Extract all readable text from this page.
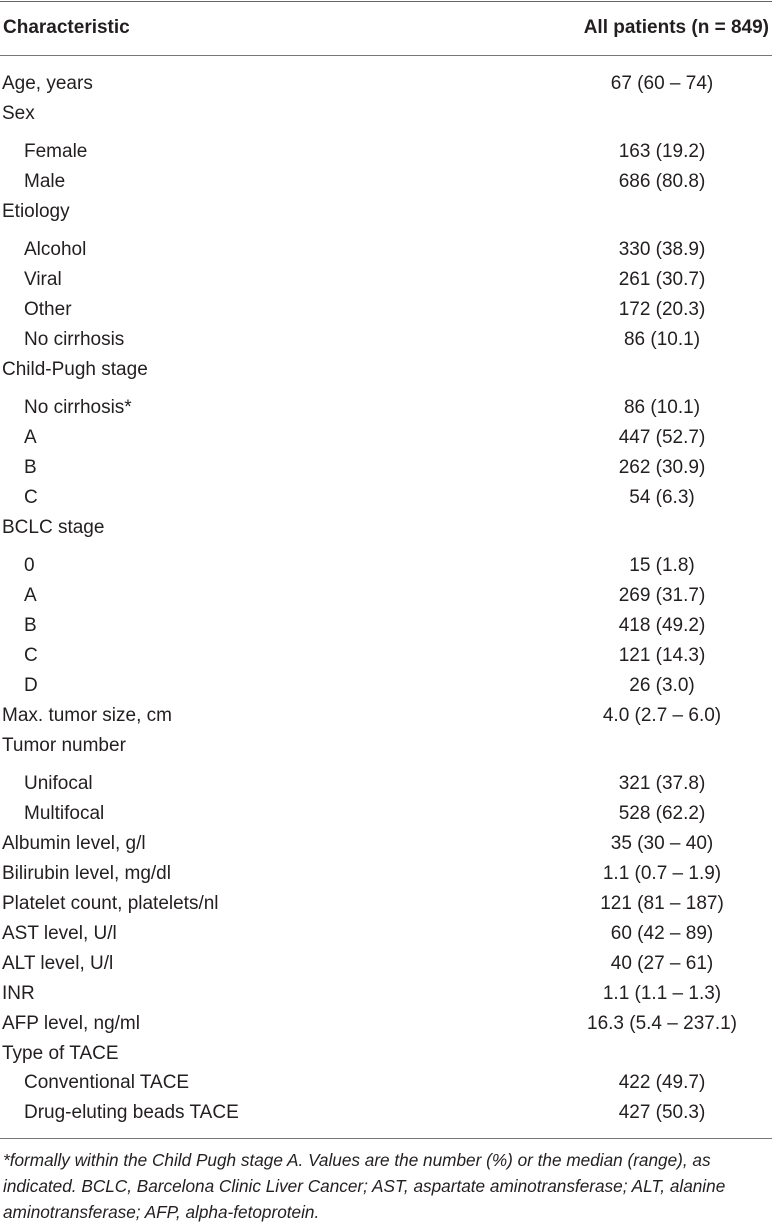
Characteristic	All patients (n = 849)
Age, years	67 (60 – 74)
Sex
Female	163 (19.2)
Male	686 (80.8)
Etiology
Alcohol	330 (38.9)
Viral	261 (30.7)
Other	172 (20.3)
No cirrhosis	86 (10.1)
Child-Pugh stage
No cirrhosis*	86 (10.1)
A	447 (52.7)
B	262 (30.9)
C	54 (6.3)
BCLC stage
0	15 (1.8)
A	269 (31.7)
B	418 (49.2)
C	121 (14.3)
D	26 (3.0)
Max. tumor size, cm	4.0 (2.7 – 6.0)
Tumor number
Unifocal	321 (37.8)
Multifocal	528 (62.2)
Albumin level, g/l	35 (30 – 40)
Bilirubin level, mg/dl	1.1 (0.7 – 1.9)
Platelet count, platelets/nl	121 (81 – 187)
AST level, U/l	60 (42 – 89)
ALT level, U/l	40 (27 – 61)
INR	1.1 (1.1 – 1.3)
AFP level, ng/ml	16.3 (5.4 – 237.1)
Type of TACE
Conventional TACE	422 (49.7)
Drug-eluting beads TACE	427 (50.3)
*formally within the Child Pugh stage A. Values are the number (%) or the median (range), as indicated. BCLC, Barcelona Clinic Liver Cancer; AST, aspartate aminotransferase; ALT, alanine aminotransferase; AFP, alpha-fetoprotein.
